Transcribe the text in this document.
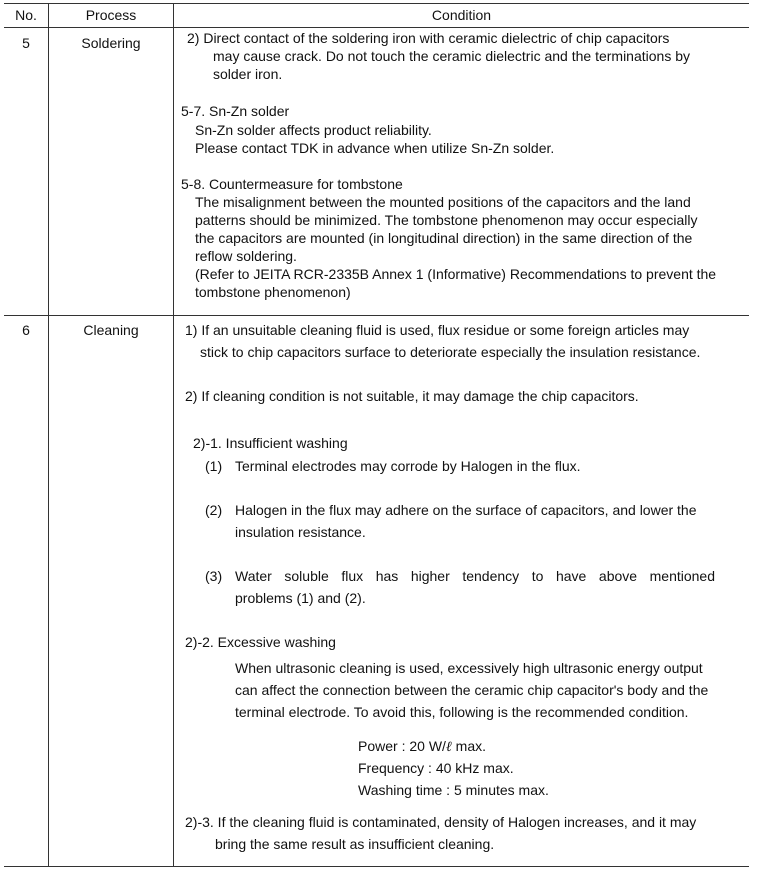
No.	Process	Condition
5	Soldering	2) Direct contact of the soldering iron with ceramic dielectric of chip capacitors
may cause crack. Do not touch the ceramic dielectric and the terminations by
solder iron.
5-7. Sn-Zn solder
Sn-Zn solder affects product reliability.
Please contact TDK in advance when utilize Sn-Zn solder.
5-8. Countermeasure for tombstone
The misalignment between the mounted positions of the capacitors and the land
patterns should be minimized. The tombstone phenomenon may occur especially
the capacitors are mounted (in longitudinal direction) in the same direction of the
reflow soldering.
(Refer to JEITA RCR-2335B Annex 1 (Informative) Recommendations to prevent the
tombstone phenomenon)
6	Cleaning	1) If an unsuitable cleaning fluid is used, flux residue or some foreign articles may
stick to chip capacitors surface to deteriorate especially the insulation resistance.
2) If cleaning condition is not suitable, it may damage the chip capacitors.
2)-1. Insufficient washing
(1) Terminal electrodes may corrode by Halogen in the flux.
(2) Halogen in the flux may adhere on the surface of capacitors, and lower the
insulation resistance.
(3) Water soluble flux has higher tendency to have above mentioned
problems (1) and (2).
2)-2. Excessive washing
When ultrasonic cleaning is used, excessively high ultrasonic energy output
can affect the connection between the ceramic chip capacitor's body and the
terminal electrode. To avoid this, following is the recommended condition.
Power : 20 W/ℓ max.
Frequency : 40 kHz max.
Washing time : 5 minutes max.
2)-3. If the cleaning fluid is contaminated, density of Halogen increases, and it may
bring the same result as insufficient cleaning.
